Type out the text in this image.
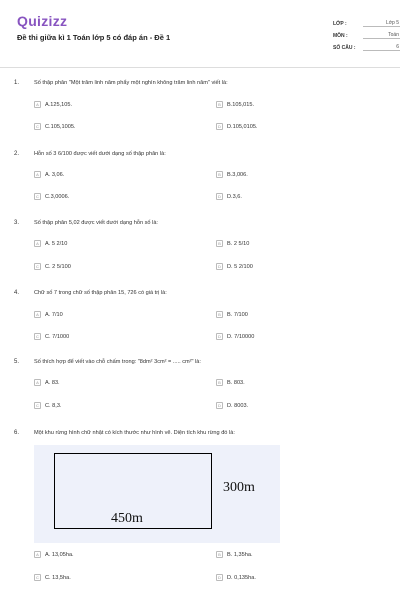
Quizizz
Đề thi giữa kì 1 Toán lớp 5 có đáp án - Đề 1
LỚP :	Lớp 5
MÔN :	Toán
SỐ CÂU :	6
1.	Số thập phân "Một trăm linh năm phẩy một nghìn không trăm linh năm" viết là:
A	A.125,105.	B	B.105,015.
C	C.105,1005.	D	D.105,0105.
2.	Hỗn số 3 6/100 được viết dưới dạng số thập phân là:
A	A. 3,06.	B	B.3,006.
C	C.3,0006.	D	D.3,6.
3.	Số thập phân 5,02 được viết dưới dạng hỗn số là:
A	A. 5 2/10	B	B. 2 5/10
C	C. 2 5/100	D	D. 5 2/100
4.	Chữ số 7 trong chữ số thập phân 15, 726 có giá trị là:
A	A. 7/10	B	B. 7/100
C	C. 7/1000	D	D. 7/10000
5.	Số thích hợp để viết vào chỗ chấm trong: "8dm² 3cm² = ..... cm²" là:
A	A. 83.	B	B. 803.
C	C. 8,3.	D	D. 8003.
6.	Một khu rừng hình chữ nhật có kích thước như hình vẽ. Diện tích khu rừng đó là:
300m
450m
A	A. 13,05ha.	B	B. 1,35ha.
C	C. 13,5ha.	D	D. 0,135ha.
